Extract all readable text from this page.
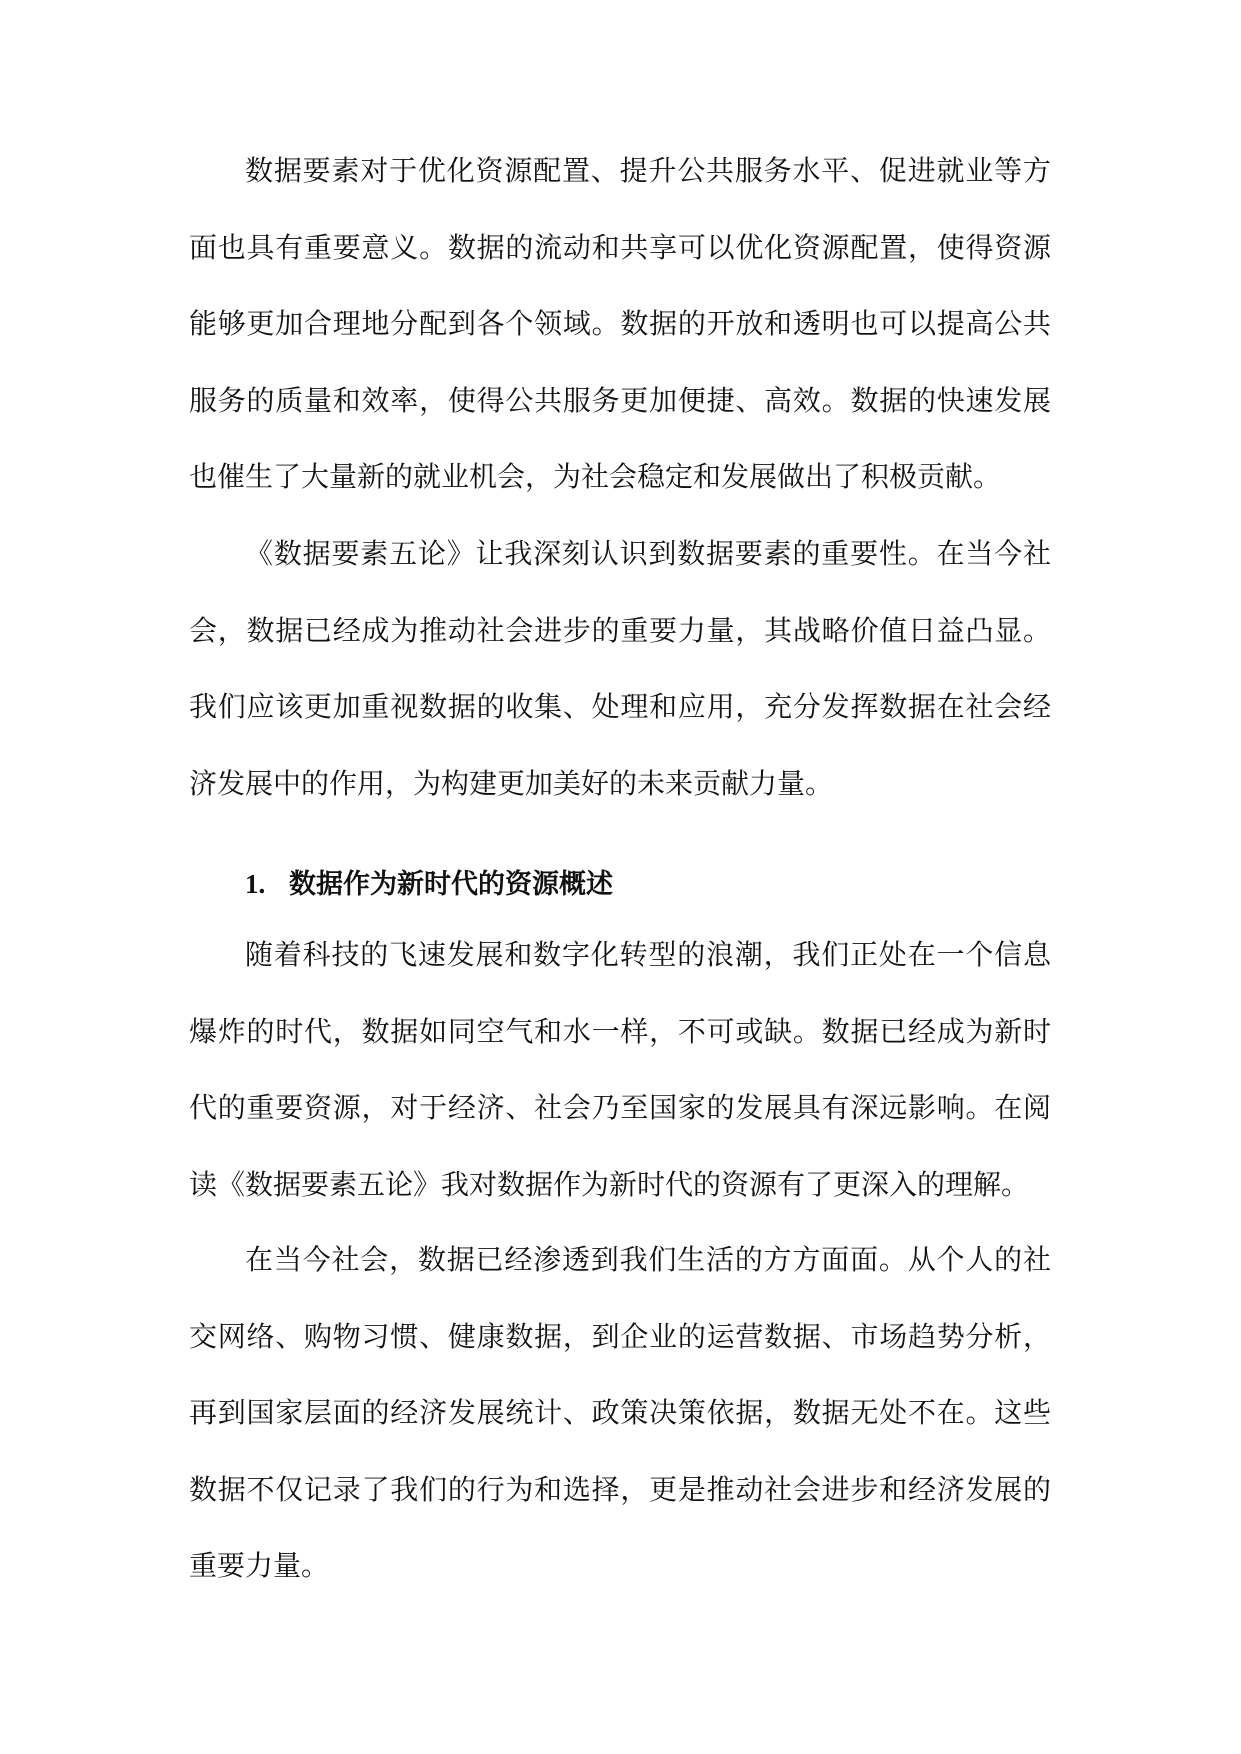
数据要素对于优化资源配置、提升公共服务水平、促进就业等方面也具有重要意义。数据的流动和共享可以优化资源配置，使得资源能够更加合理地分配到各个领域。数据的开放和透明也可以提高公共服务的质量和效率，使得公共服务更加便捷、高效。数据的快速发展也催生了大量新的就业机会，为社会稳定和发展做出了积极贡献。

《数据要素五论》让我深刻认识到数据要素的重要性。在当今社会，数据已经成为推动社会进步的重要力量，其战略价值日益凸显。我们应该更加重视数据的收集、处理和应用，充分发挥数据在社会经济发展中的作用，为构建更加美好的未来贡献力量。

1. 数据作为新时代的资源概述

随着科技的飞速发展和数字化转型的浪潮，我们正处在一个信息爆炸的时代，数据如同空气和水一样，不可或缺。数据已经成为新时代的重要资源，对于经济、社会乃至国家的发展具有深远影响。在阅读《数据要素五论》我对数据作为新时代的资源有了更深入的理解。

在当今社会，数据已经渗透到我们生活的方方面面。从个人的社交网络、购物习惯、健康数据，到企业的运营数据、市场趋势分析，再到国家层面的经济发展统计、政策决策依据，数据无处不在。这些数据不仅记录了我们的行为和选择，更是推动社会进步和经济发展的重要力量。
